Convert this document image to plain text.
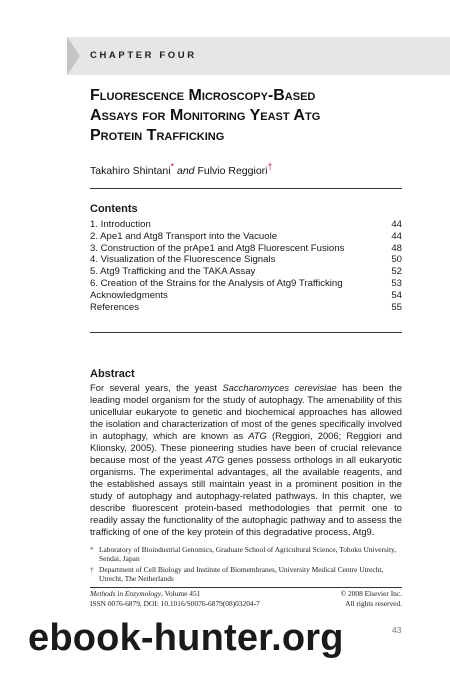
CHAPTER FOUR
Fluorescence Microscopy-Based
Assays for Monitoring Yeast Atg
Protein Trafficking
Takahiro Shintani* and Fulvio Reggiori†
Contents
1. Introduction	44
2. Ape1 and Atg8 Transport into the Vacuole	44
3. Construction of the prApe1 and Atg8 Fluorescent Fusions	48
4. Visualization of the Fluorescence Signals	50
5. Atg9 Trafficking and the TAKA Assay	52
6. Creation of the Strains for the Analysis of Atg9 Trafficking	53
Acknowledgments	54
References	55
Abstract
For several years, the yeast Saccharomyces cerevisiae has been the leading model organism for the study of autophagy. The amenability of this unicellular eukaryote to genetic and biochemical approaches has allowed the isolation and characterization of most of the genes specifically involved in autophagy, which are known as ATG (Reggiori, 2006; Reggiori and Klionsky, 2005). These pioneering studies have been of crucial relevance because most of the yeast ATG genes possess orthologs in all eukaryotic organisms. The experimental advantages, all the available reagents, and the established assays still maintain yeast in a prominent position in the study of autophagy and autophagy-related pathways. In this chapter, we describe fluorescent protein-based methodologies that permit one to readily assay the functionality of the autophagic pathway and to assess the trafficking of one of the key protein of this degradative process, Atg9.
* Laboratory of Bioindustrial Genomics, Graduate School of Agricultural Science, Tohoku University, Sendai, Japan
† Department of Cell Biology and Institute of Biomembranes, University Medical Centre Utrecht, Utrecht, The Netherlands
Methods in Enzymology, Volume 451	© 2008 Elsevier Inc.
ISSN 0076-6879, DOI: 10.1016/S0076-6879(08)03204-7	All rights reserved.
ebook-hunter.org	43
